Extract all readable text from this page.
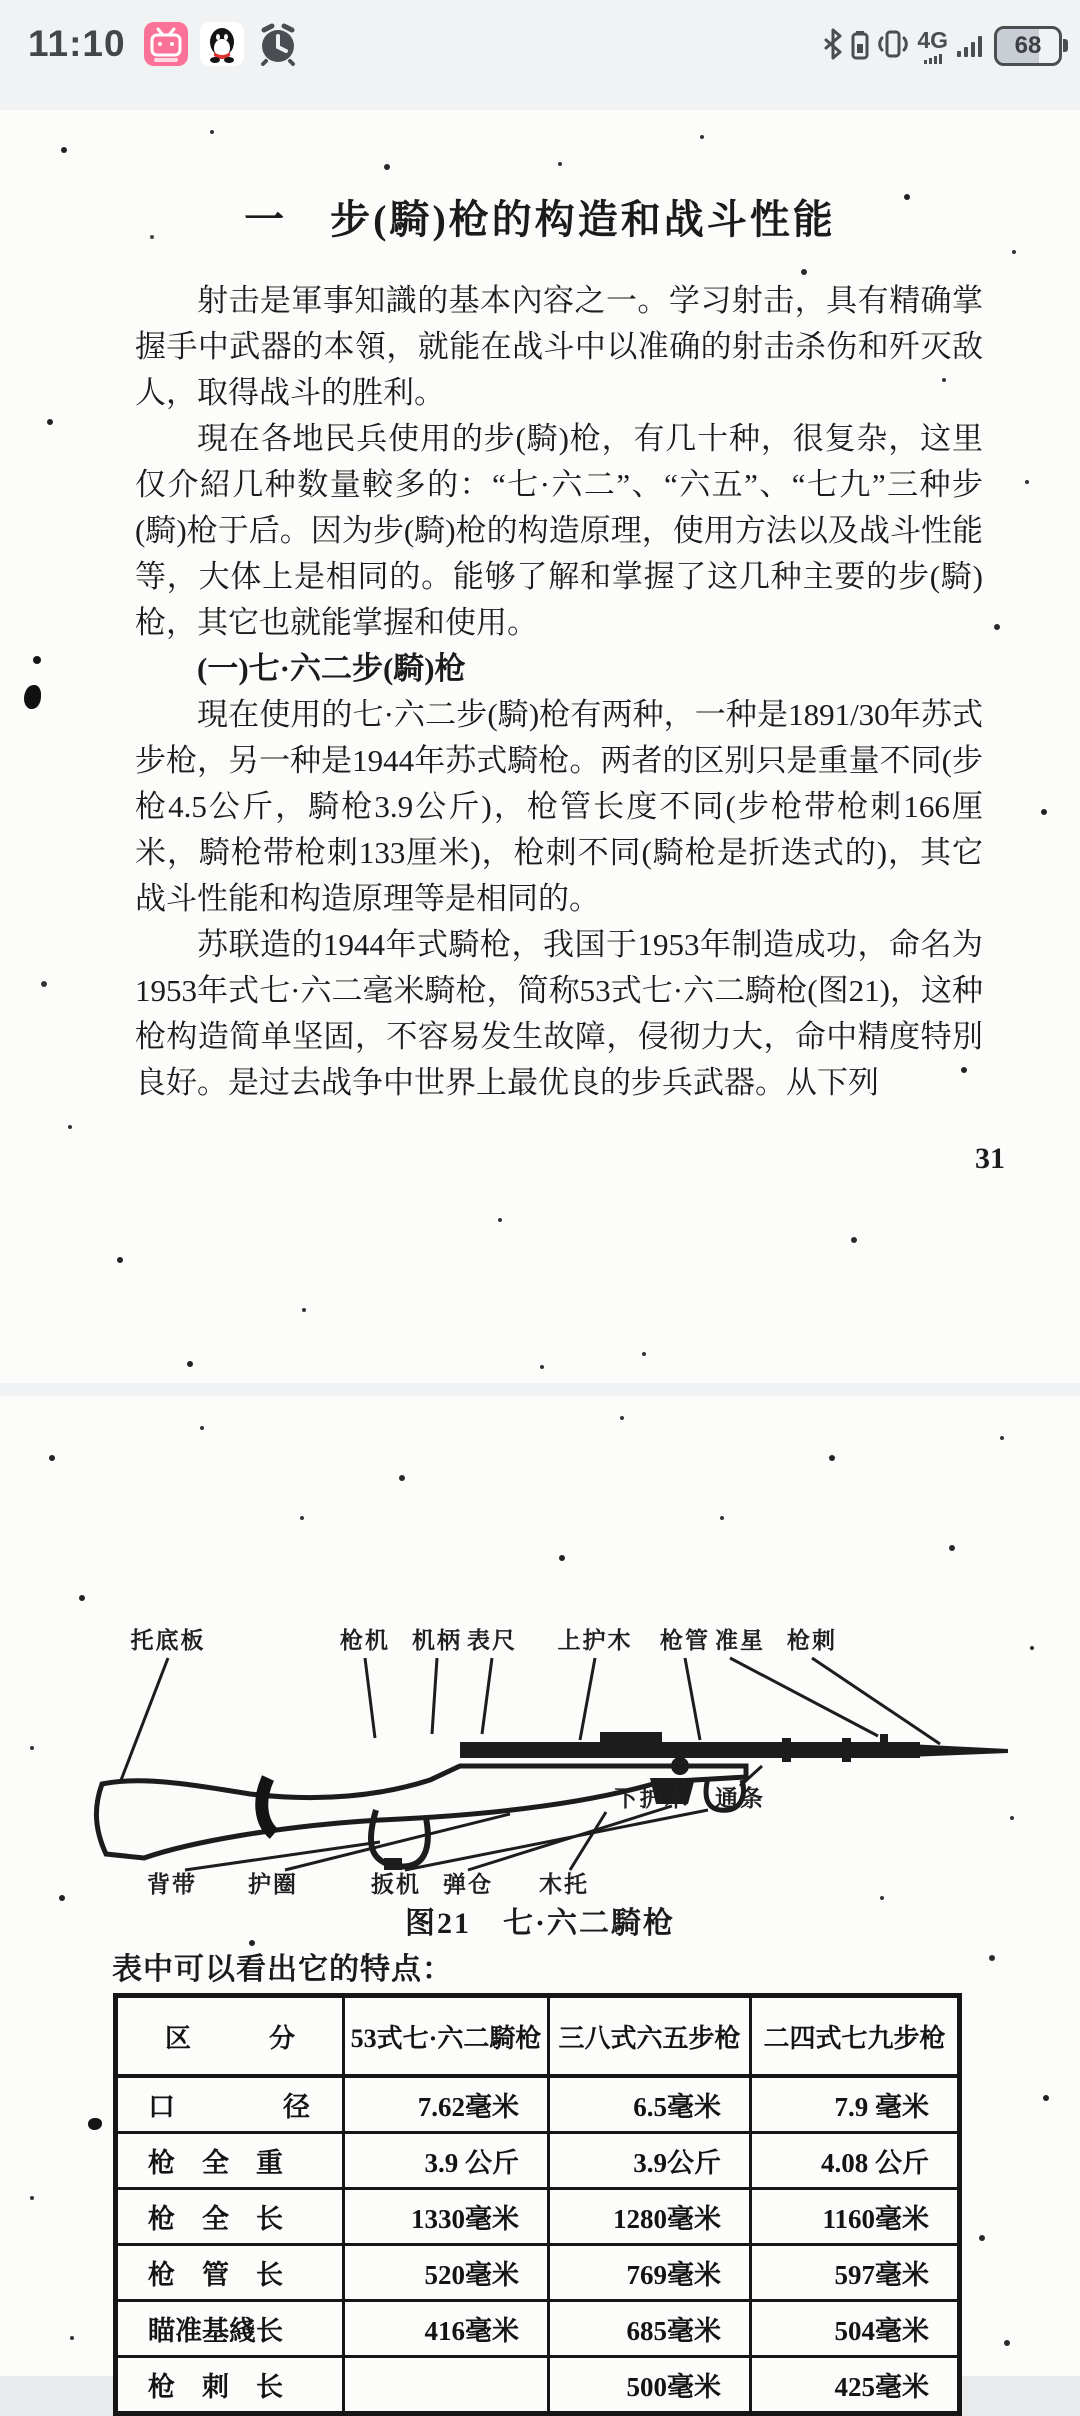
11:10	4G	68
一　步(騎)枪的构造和战斗性能

射击是軍事知識的基本內容之一。学习射击，具有精确掌握手中武器的本領，就能在战斗中以准确的射击杀伤和歼灭敌人，取得战斗的胜利。

現在各地民兵使用的步(騎)枪，有几十种，很复杂，这里仅介紹几种数量較多的：“七·六二”、“六五”、“七九”三种步(騎)枪于后。因为步(騎)枪的构造原理，使用方法以及战斗性能等，大体上是相同的。能够了解和掌握了这几种主要的步(騎)枪，其它也就能掌握和使用。

(一)七·六二步(騎)枪

現在使用的七·六二步(騎)枪有两种，一种是1891/30年苏式步枪，另一种是1944年苏式騎枪。两者的区别只是重量不同(步枪4.5公斤，騎枪3.9公斤)，枪管长度不同(步枪带枪刺166厘米，騎枪带枪刺133厘米)，枪刺不同(騎枪是折迭式的)，其它战斗性能和构造原理等是相同的。

苏联造的1944年式騎枪，我国于1953年制造成功，命名为1953年式七·六二毫米騎枪，简称53式七·六二騎枪(图21)，这种枪构造简单坚固，不容易发生故障，侵彻力大，命中精度特別良好。是过去战争中世界上最优良的步兵武器。从下列

31
托底板	枪机 机柄 表尺 上护木 枪管 准星 枪刺
背带 护圈	扳机 弹仓 木托
下护木 通条
图21　七·六二騎枪
表中可以看出它的特点：
区　　　分	53式七·六二騎枪	三八式六五步枪	二四式七九步枪
口　　　　径	7.62毫米	6.5毫米	7.9 毫米
枪　全　重	3.9 公斤	3.9公斤	4.08 公斤
枪　全　长	1330毫米	1280毫米	1160毫米
枪　管　长	520毫米	769毫米	597毫米
瞄准基綫长	416毫米	685毫米	504毫米
枪　刺　长		500毫米	425毫米
